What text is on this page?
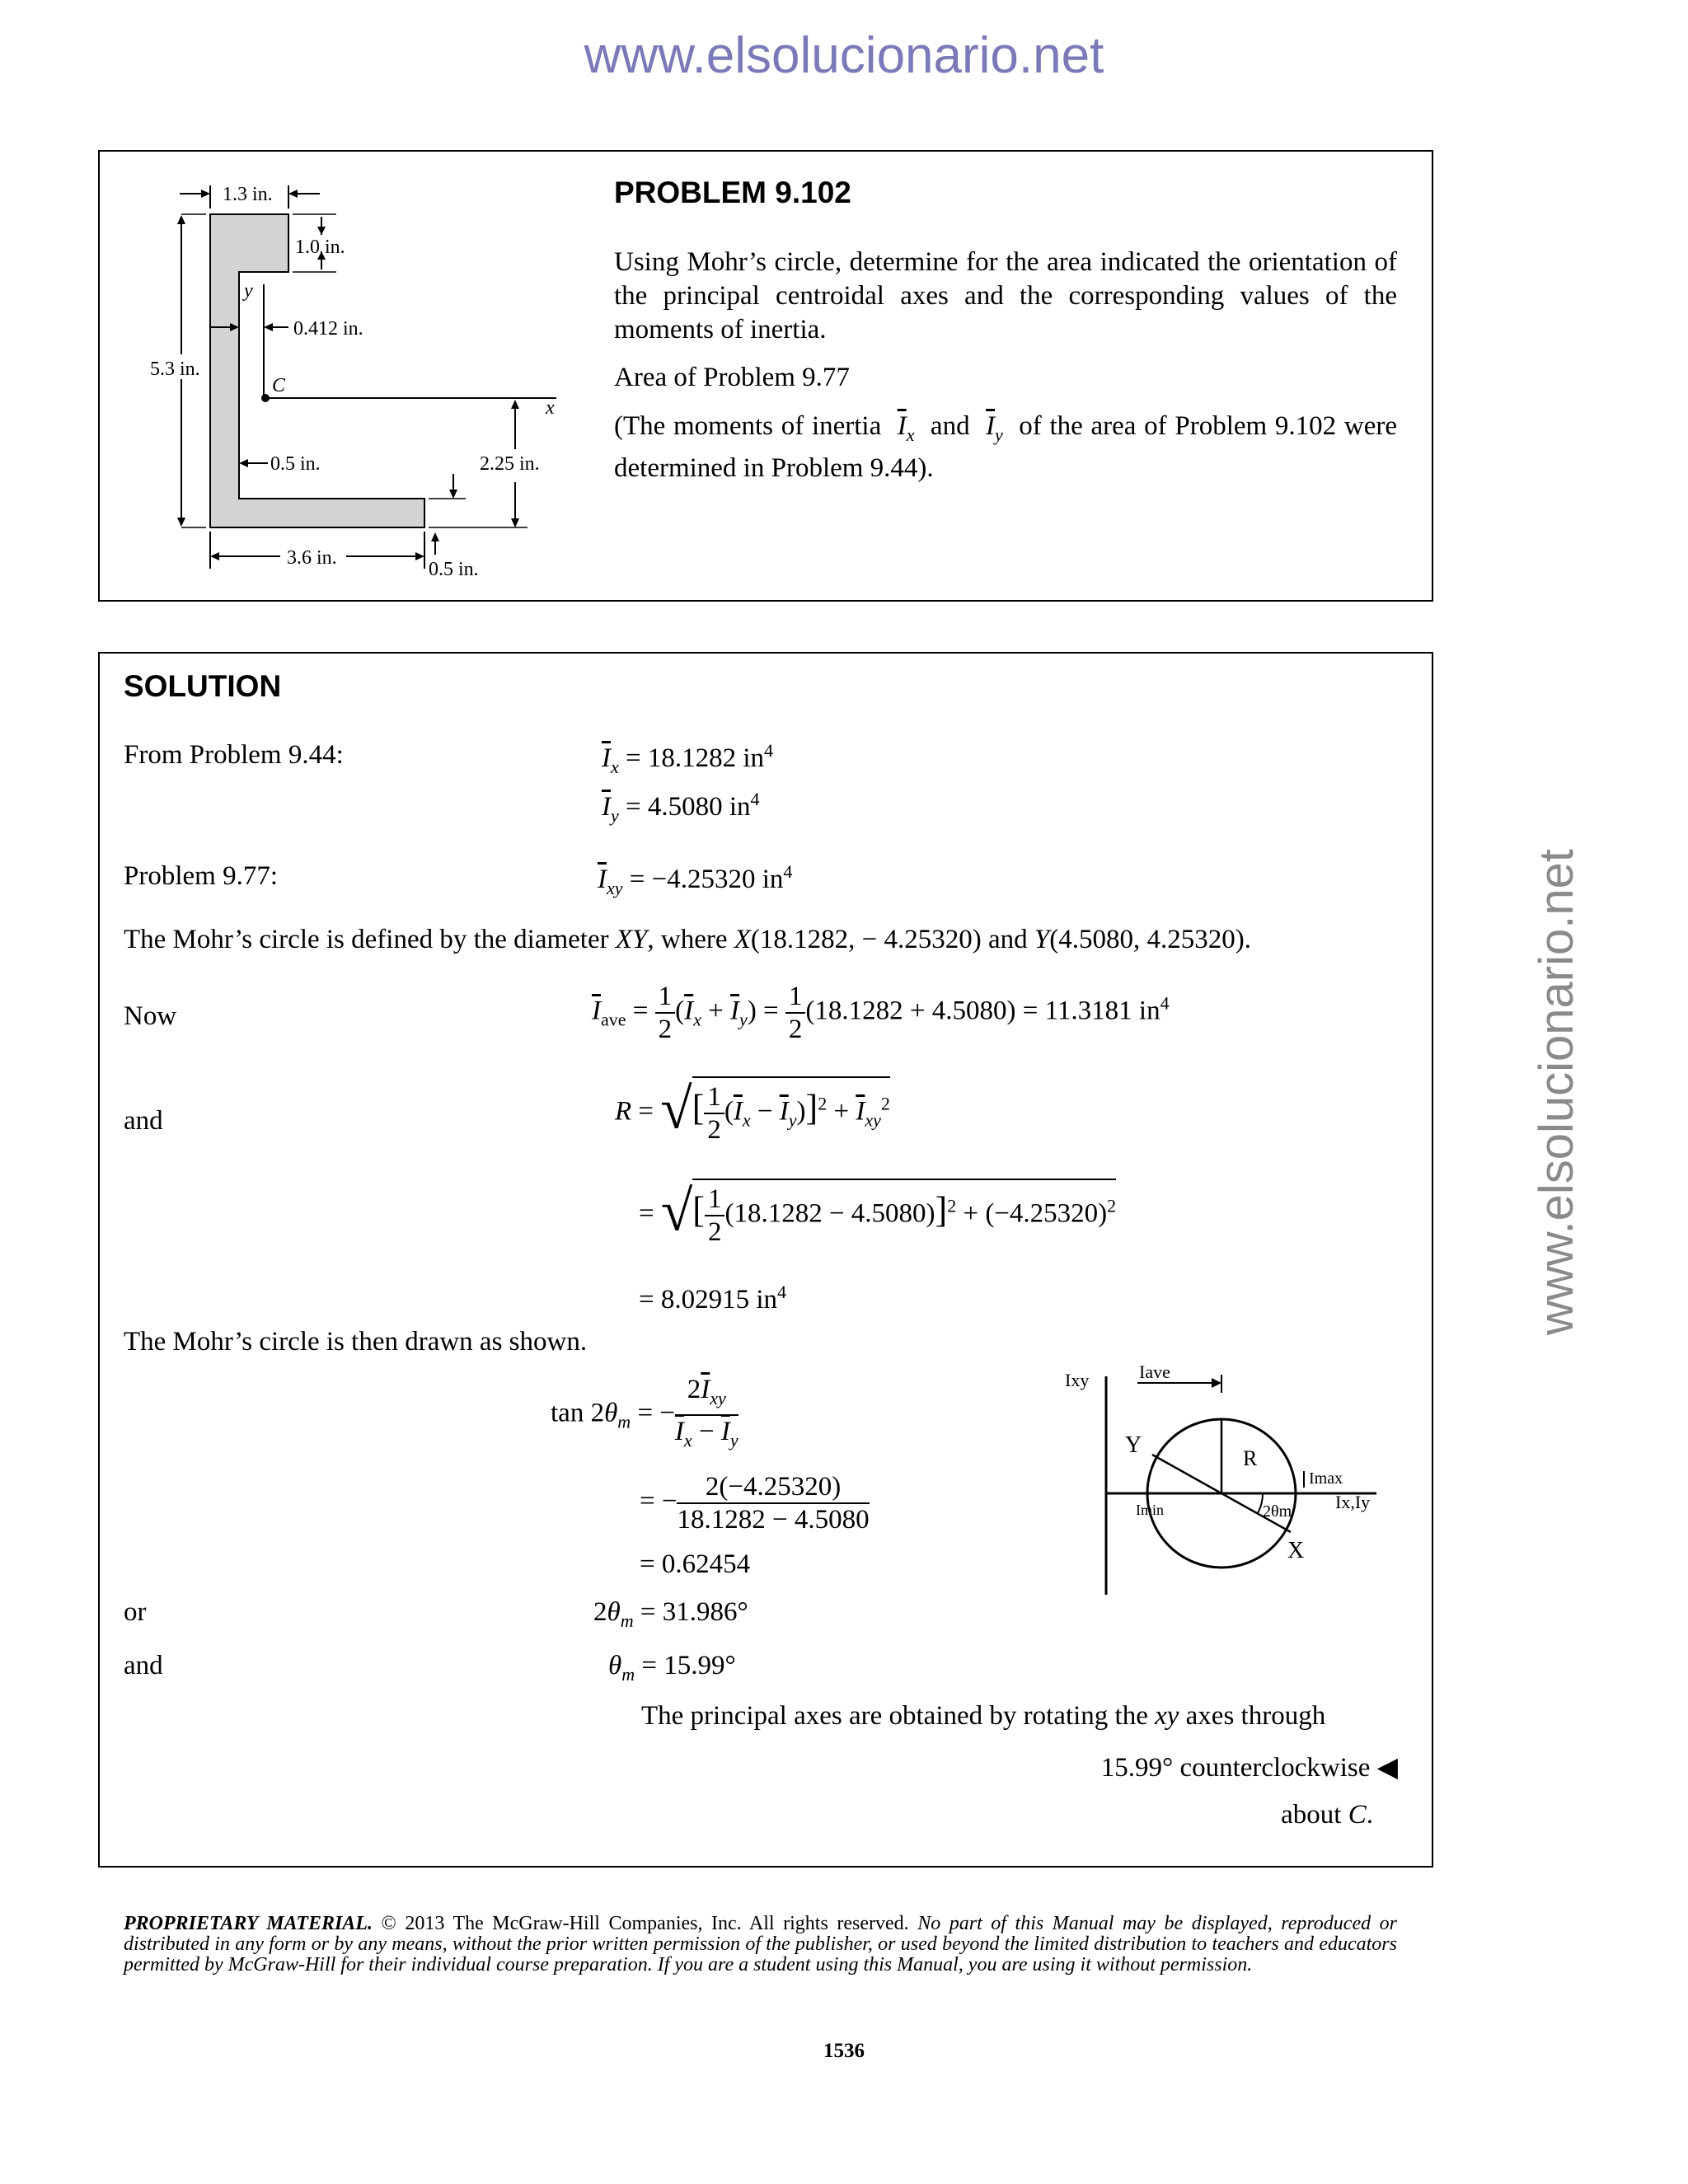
www.elsolucionario.net
www.elsolucionario.net
1.3 in.
1.0 in.
y
0.412 in.
5.3 in.
C
x
0.5 in.	2.25 in.
3.6 in.
0.5 in.
PROBLEM 9.102
Using Mohr’s circle, determine for the area indicated the orientation of the principal centroidal axes and the corresponding values of the moments of inertia.
Area of Problem 9.77
(The moments of inertia $\overline{I}_x$ and $\overline{I}_y$ of the area of Problem 9.102 were determined in Problem 9.44).
SOLUTION
From Problem 9.44:	$\overline{I}_x = 18.1282$ $in^4$
$\overline{I}_y = 4.5080$ $in^4$
Problem 9.77:	$\overline{I}_{xy} = -4.25320$ $in^4$
The Mohr’s circle is defined by the diameter XY, where X(18.1282, − 4.25320) and Y(4.5080, 4.25320).
Now	$\overline{I}_{ave} = \frac{1}{2} (\overline{I}_x + \overline{I}_y) = \frac{1}{2} (18.1282 + 4.5080) = 11.3181$ $in^4$
and	R = √[ $\frac{1}{2} (\overline{I}_x - \overline{I}_y)]^2 + \overline{I}_{xy}^2$
= √[ $\frac{1}{2} (18.1282 - 4.5080)]^2 + (-4.25320)^2$
= 8.02915 $in^4$
The Mohr’s circle is then drawn as shown.
$\tan 2\theta_m$ = − $\frac{2\overline{I}_{xy}}{\overline{I}_x - \overline{I}_y}$
= − $\frac{2(-4.25320)}{18.1282 - 4.5080}$
= 0.62454
or	$2\theta_m = 31.986^\circ$
and	$\theta_m = 15.99^\circ$
The principal axes are obtained by rotating the xy axes through
15.99° counterclockwise ◀
about C.
Ixy	Iave
R
Y
X
Imax
Imin	2θm Ix,Iy
PROPRIETARY MATERIAL. © 2013 The McGraw-Hill Companies, Inc. All rights reserved. No part of this Manual may be displayed, reproduced or distributed in any form or by any means, without the prior written permission of the publisher, or used beyond the limited distribution to teachers and educators permitted by McGraw-Hill for their individual course preparation. If you are a student using this Manual, you are using it without permission.
1536
